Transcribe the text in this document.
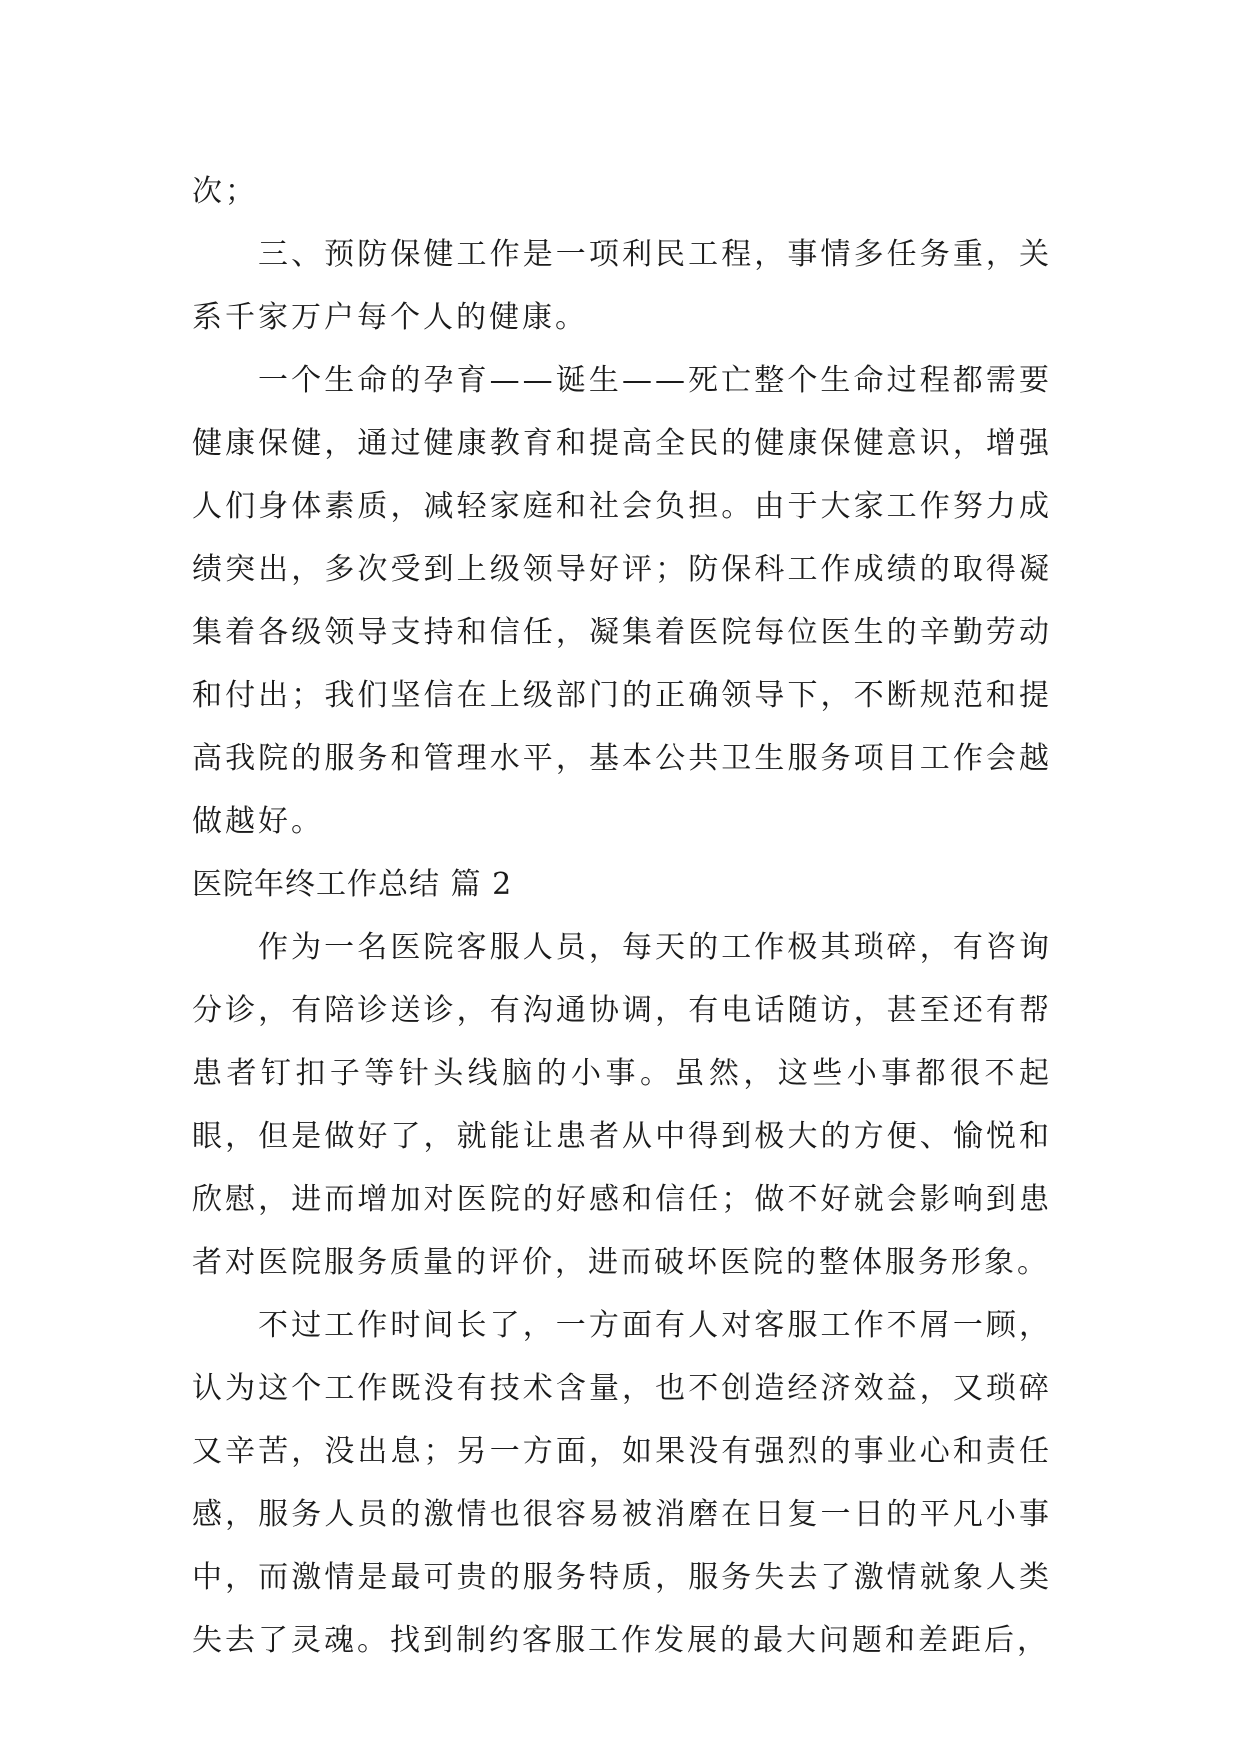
次；

三、预防保健工作是一项利民工程，事情多任务重，关系千家万户每个人的健康。

一个生命的孕育——诞生——死亡整个生命过程都需要健康保健，通过健康教育和提高全民的健康保健意识，增强人们身体素质，减轻家庭和社会负担。由于大家工作努力成绩突出，多次受到上级领导好评；防保科工作成绩的取得凝集着各级领导支持和信任，凝集着医院每位医生的辛勤劳动和付出；我们坚信在上级部门的正确领导下，不断规范和提高我院的服务和管理水平，基本公共卫生服务项目工作会越做越好。

医院年终工作总结 篇 2

作为一名医院客服人员，每天的工作极其琐碎，有咨询分诊，有陪诊送诊，有沟通协调，有电话随访，甚至还有帮患者钉扣子等针头线脑的小事。虽然，这些小事都很不起眼，但是做好了，就能让患者从中得到极大的方便、愉悦和欣慰，进而增加对医院的好感和信任；做不好就会影响到患者对医院服务质量的评价，进而破坏医院的整体服务形象。

不过工作时间长了，一方面有人对客服工作不屑一顾，认为这个工作既没有技术含量，也不创造经济效益，又琐碎又辛苦，没出息；另一方面，如果没有强烈的事业心和责任感，服务人员的激情也很容易被消磨在日复一日的平凡小事中，而激情是最可贵的服务特质，服务失去了激情就象人类失去了灵魂。找到制约客服工作发展的最大问题和差距后，
